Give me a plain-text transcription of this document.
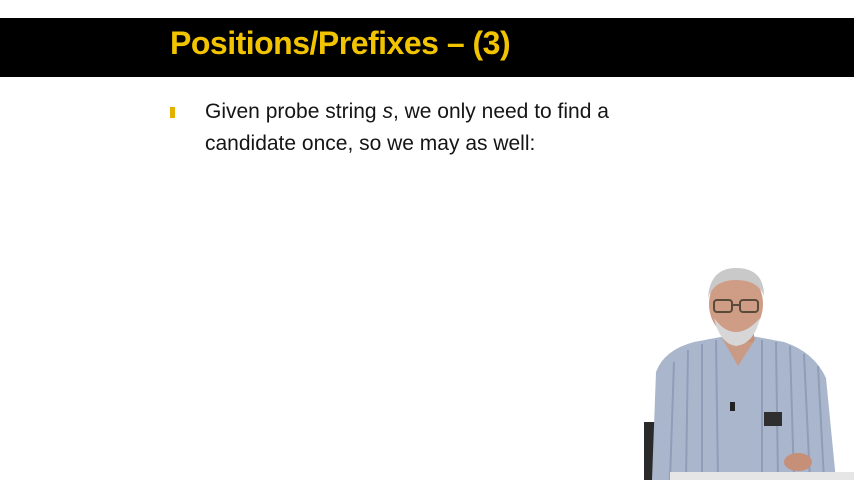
Positions/Prefixes – (3)
Given probe string s, we only need to find a candidate once, so we may as well:
